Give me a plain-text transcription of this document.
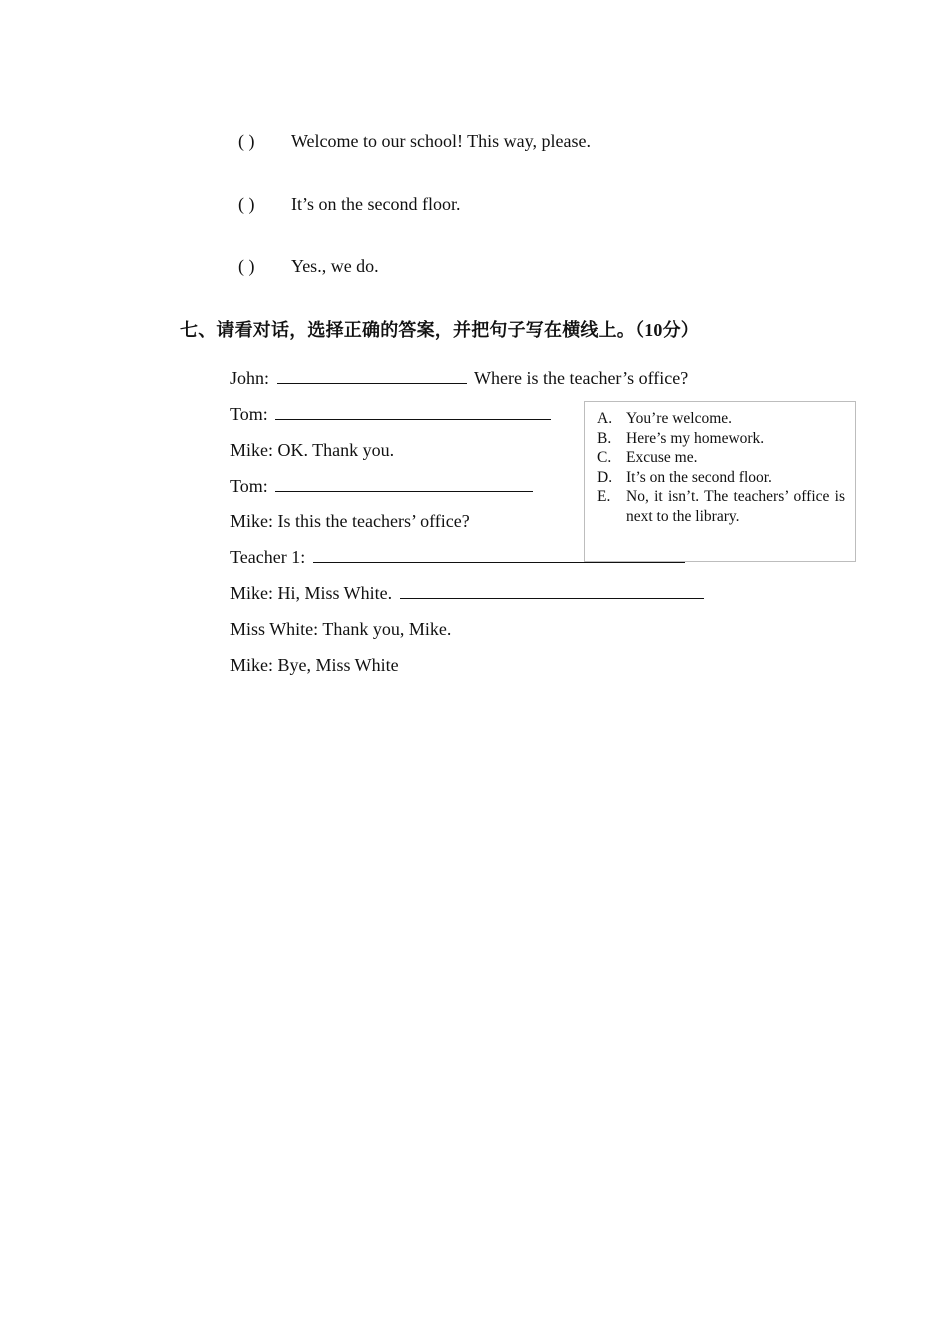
( )	Welcome to our school! This way, please.
( )	It’s on the second floor.
( )	Yes., we do.
七、请看对话，选择正确的答案，并把句子写在横线上。（10分）
John:	Where is the teacher’s office?
Tom:
Mike: OK. Thank you.
Tom:
Mike: Is this the teachers’ office?
Teacher 1:
Mike: Hi, Miss White.
Miss White: Thank you, Mike.
Mike: Bye, Miss White
A. You’re welcome.
B. Here’s my homework.
C. Excuse me.
D. It’s on the second floor.
E.	No, it isn’t. The teachers’ office is next to the library.
